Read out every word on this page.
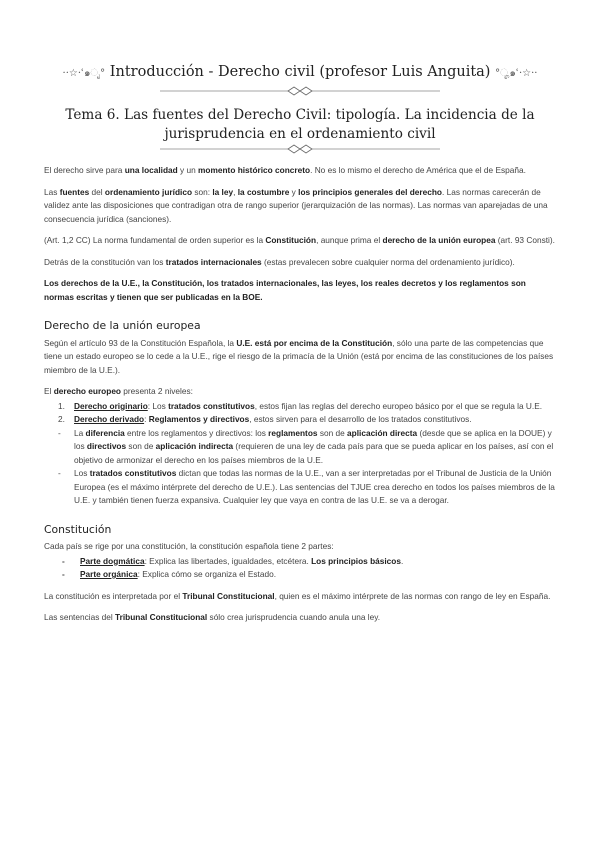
··☆·ʿ๑ೃ° Introducción - Derecho civil (profesor Luis Anguita) °ೄ๑ʿ·☆··
Tema 6. Las fuentes del Derecho Civil: tipología. La incidencia de la
jurisprudencia en el ordenamiento civil

El derecho sirve para una localidad y un momento histórico concreto. No es lo mismo el derecho de América que el de España.

Las fuentes del ordenamiento jurídico son: la ley, la costumbre y los principios generales del derecho. Las normas carecerán de validez ante las disposiciones que contradigan otra de rango superior (jerarquización de las normas). Las normas van aparejadas de una consecuencia jurídica (sanciones).

(Art. 1,2 CC) La norma fundamental de orden superior es la Constitución, aunque prima el derecho de la unión europea (art. 93 Consti).

Detrás de la constitución van los tratados internacionales (estas prevalecen sobre cualquier norma del ordenamiento jurídico).

Los derechos de la U.E., la Constitución, los tratados internacionales, las leyes, los reales decretos y los reglamentos son normas escritas y tienen que ser publicadas en la BOE.

Derecho de la unión europea

Según el artículo 93 de la Constitución Española, la U.E. está por encima de la Constitución, sólo una parte de las competencias que tiene un estado europeo se lo cede a la U.E., rige el riesgo de la primacía de la Unión (está por encima de las constituciones de los países miembro de la U.E.).

El derecho europeo presenta 2 niveles:

1. Derecho originario: Los tratados constitutivos, estos fijan las reglas del derecho europeo básico por el que se regula la U.E.
2. Derecho derivado: Reglamentos y directivos, estos sirven para el desarrollo de los tratados constitutivos.
- La diferencia entre los reglamentos y directivos: los reglamentos son de aplicación directa (desde que se aplica en la DOUE) y los directivos son de aplicación indirecta (requieren de una ley de cada país para que se pueda aplicar en los países, así con el objetivo de armonizar el derecho en los países miembros de la U.E.
- Los tratados constitutivos dictan que todas las normas de la U.E., van a ser interpretadas por el Tribunal de Justicia de la Unión Europea (es el máximo intérprete del derecho de U.E.). Las sentencias del TJUE crea derecho en todos los países miembros de la U.E. y también tienen fuerza expansiva. Cualquier ley que vaya en contra de las U.E. se va a derogar.
Constitución

Cada país se rige por una constitución, la constitución española tiene 2 partes:

- Parte dogmática: Explica las libertades, igualdades, etcétera. Los principios básicos.
- Parte orgánica: Explica cómo se organiza el Estado.

La constitución es interpretada por el Tribunal Constitucional, quien es el máximo intérprete de las normas con rango de ley en España.

Las sentencias del Tribunal Constitucional sólo crea jurisprudencia cuando anula una ley.
